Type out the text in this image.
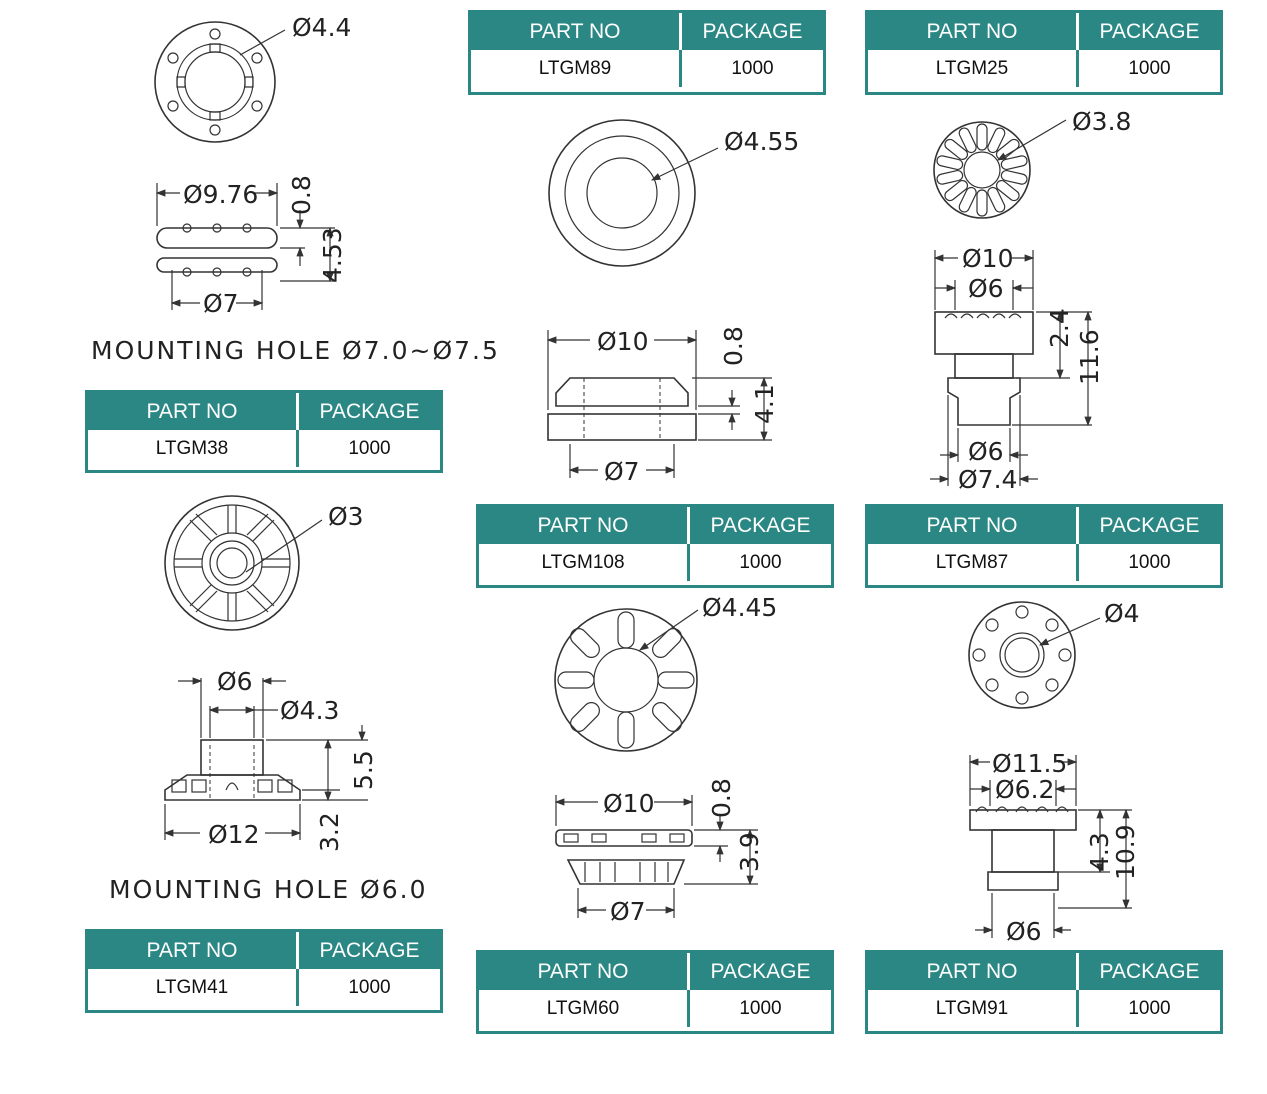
Ø4.4
Ø9.76
Ø7
0.8
4.53
Ø3
Ø6
Ø4.3
Ø12
5.5
3.2
Ø4.55
Ø10
Ø7
0.8
4.1
Ø4.45
Ø10
Ø7
0.8
3.9
Ø3.8
Ø10
Ø6
2.4
11.6
Ø6
Ø7.4
Ø4
Ø11.5
Ø6.2
4.3
10.9
Ø6
MOUNTING HOLE Ø7.0~Ø7.5
MOUNTING HOLE Ø6.0
PART NO	PACKAGE
LTGM38	1000
PART NO	PACKAGE
LTGM41	1000
PART NO	PACKAGE
LTGM89	1000
PART NO	PACKAGE
LTGM108	1000
PART NO	PACKAGE
LTGM60	1000
PART NO	PACKAGE
LTGM25	1000
PART NO	PACKAGE
LTGM87	1000
PART NO	PACKAGE
LTGM91	1000
